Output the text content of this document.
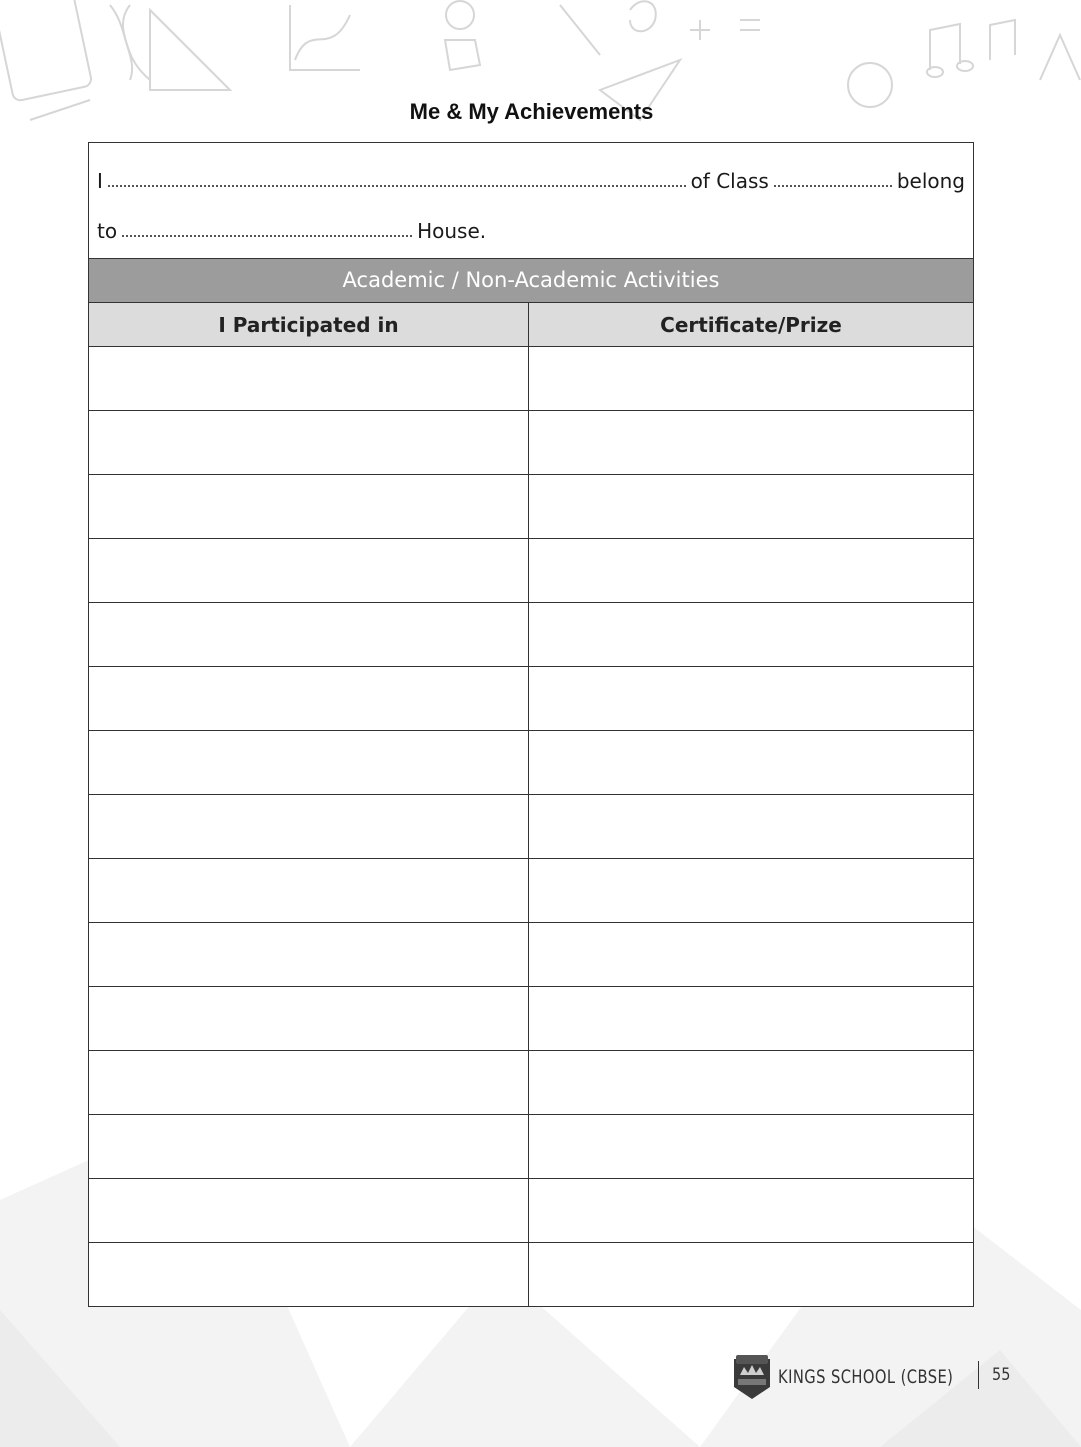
Me & My Achievements
I	of Class	belong
to	House.
Academic / Non-Academic Activities
I Participated in	Certificate/Prize

KINGS SCHOOL (CBSE) 55
